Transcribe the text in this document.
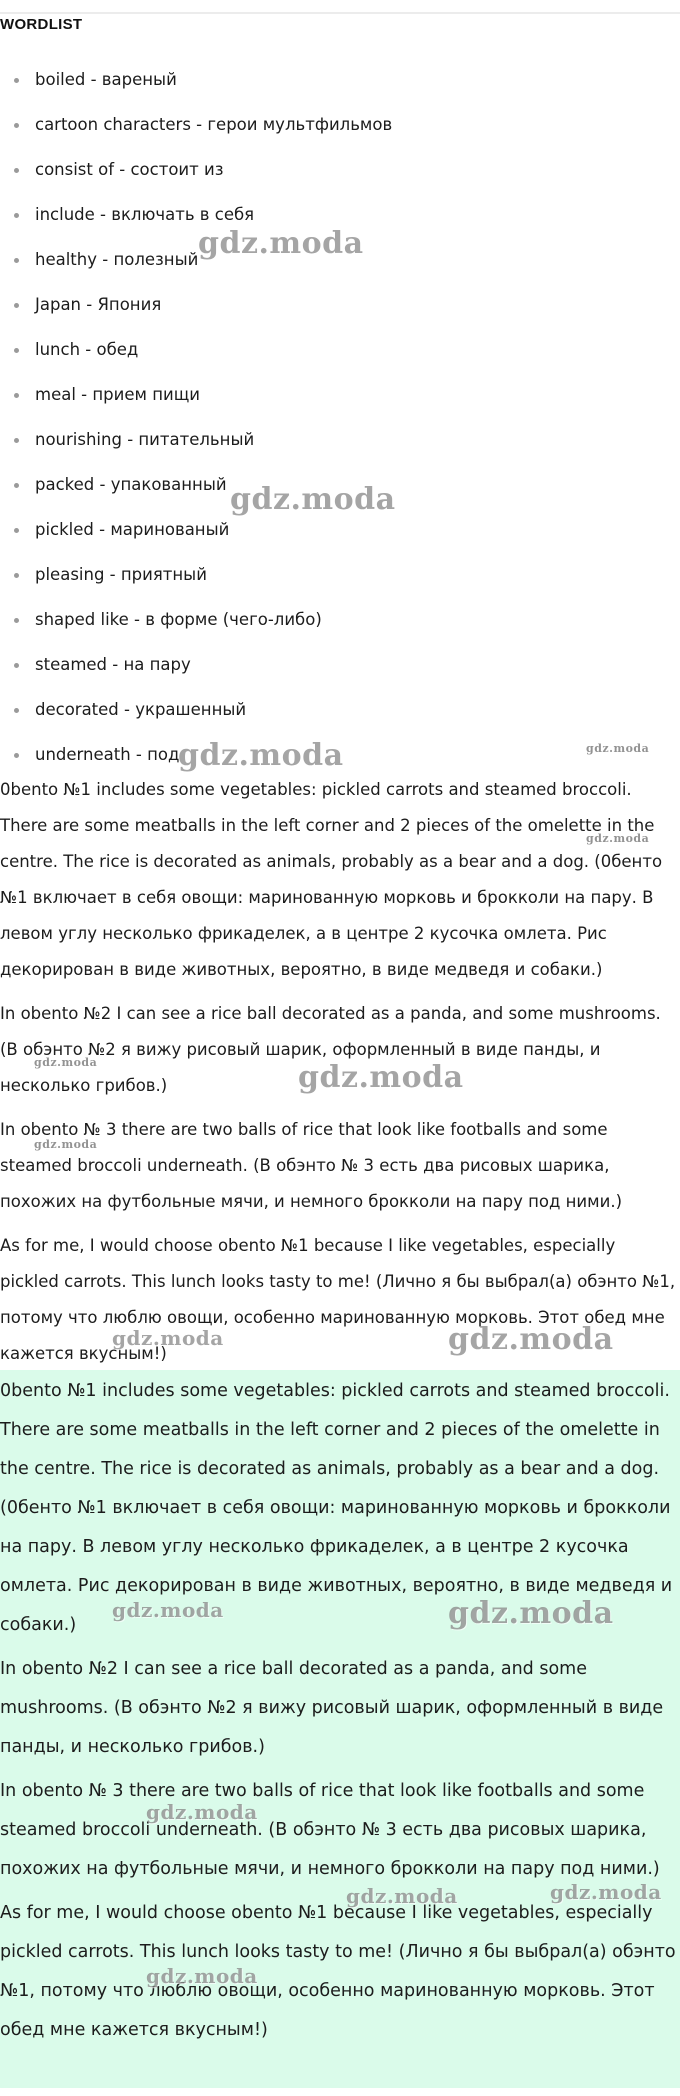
WORDLIST
boiled - вареный
cartoon characters - герои мультфильмов
consist of - состоит из
include - включать в себя
healthy - полезный
Japan - Япония
lunch - обед
meal - прием пищи
nourishing - питательный
packed - упакованный
pickled - маринованый
pleasing - приятный
shaped like - в форме (чего-либо)
steamed - на пару
decorated - украшенный
underneath - под

0bento №1 includes some vegetables: pickled carrots and steamed broccoli. There are some meatballs in the left corner and 2 pieces of the omelette in the centre. The rice is decorated as animals, probably as a bear and a dog. (0бенто №1 включает в себя овощи: маринованную морковь и брокколи на пару. В левом углу несколько фрикаделек, а в центре 2 кусочка омлета. Рис декорирован в виде животных, вероятно, в виде медведя и собаки.)

In obento №2 I can see a rice ball decorated as a panda, and some mushrooms. (В обэнто №2 я вижу рисовый шарик, оформленный в виде панды, и несколько грибов.)

In obento № 3 there are two balls of rice that look like footballs and some steamed broccoli underneath. (В обэнто № 3 есть два рисовых шарика, похожих на футбольные мячи, и немного брокколи на пару под ними.)

As for me, I would choose obento №1 because I like vegetables, especially pickled carrots. This lunch looks tasty to me! (Лично я бы выбрал(а) обэнто №1, потому что люблю овощи, особенно маринованную морковь. Этот обед мне кажется вкусным!)

0bento №1 includes some vegetables: pickled carrots and steamed broccoli. There are some meatballs in the left corner and 2 pieces of the omelette in the centre. The rice is decorated as animals, probably as a bear and a dog. (0бенто №1 включает в себя овощи: маринованную морковь и брокколи на пару. В левом углу несколько фрикаделек, а в центре 2 кусочка омлета. Рис декорирован в виде животных, вероятно, в виде медведя и собаки.)

In obento №2 I can see a rice ball decorated as a panda, and some mushrooms. (В обэнто №2 я вижу рисовый шарик, оформленный в виде панды, и несколько грибов.)

In obento № 3 there are two balls of rice that look like footballs and some steamed broccoli underneath. (В обэнто № 3 есть два рисовых шарика, похожих на футбольные мячи, и немного брокколи на пару под ними.)

As for me, I would choose obento №1 because I like vegetables, especially pickled carrots. This lunch looks tasty to me! (Лично я бы выбрал(а) обэнто №1, потому что люблю овощи, особенно маринованную морковь. Этот обед мне кажется вкусным!)

gdz.moda
gdz.moda
gdz.moda	gdz.moda
gdz.moda
gdz.moda	gdz.moda
gdz.moda
gdz.moda	gdz.moda
gdz.moda	gdz.moda
gdz.moda
gdz.moda	gdz.moda
gdz.moda
